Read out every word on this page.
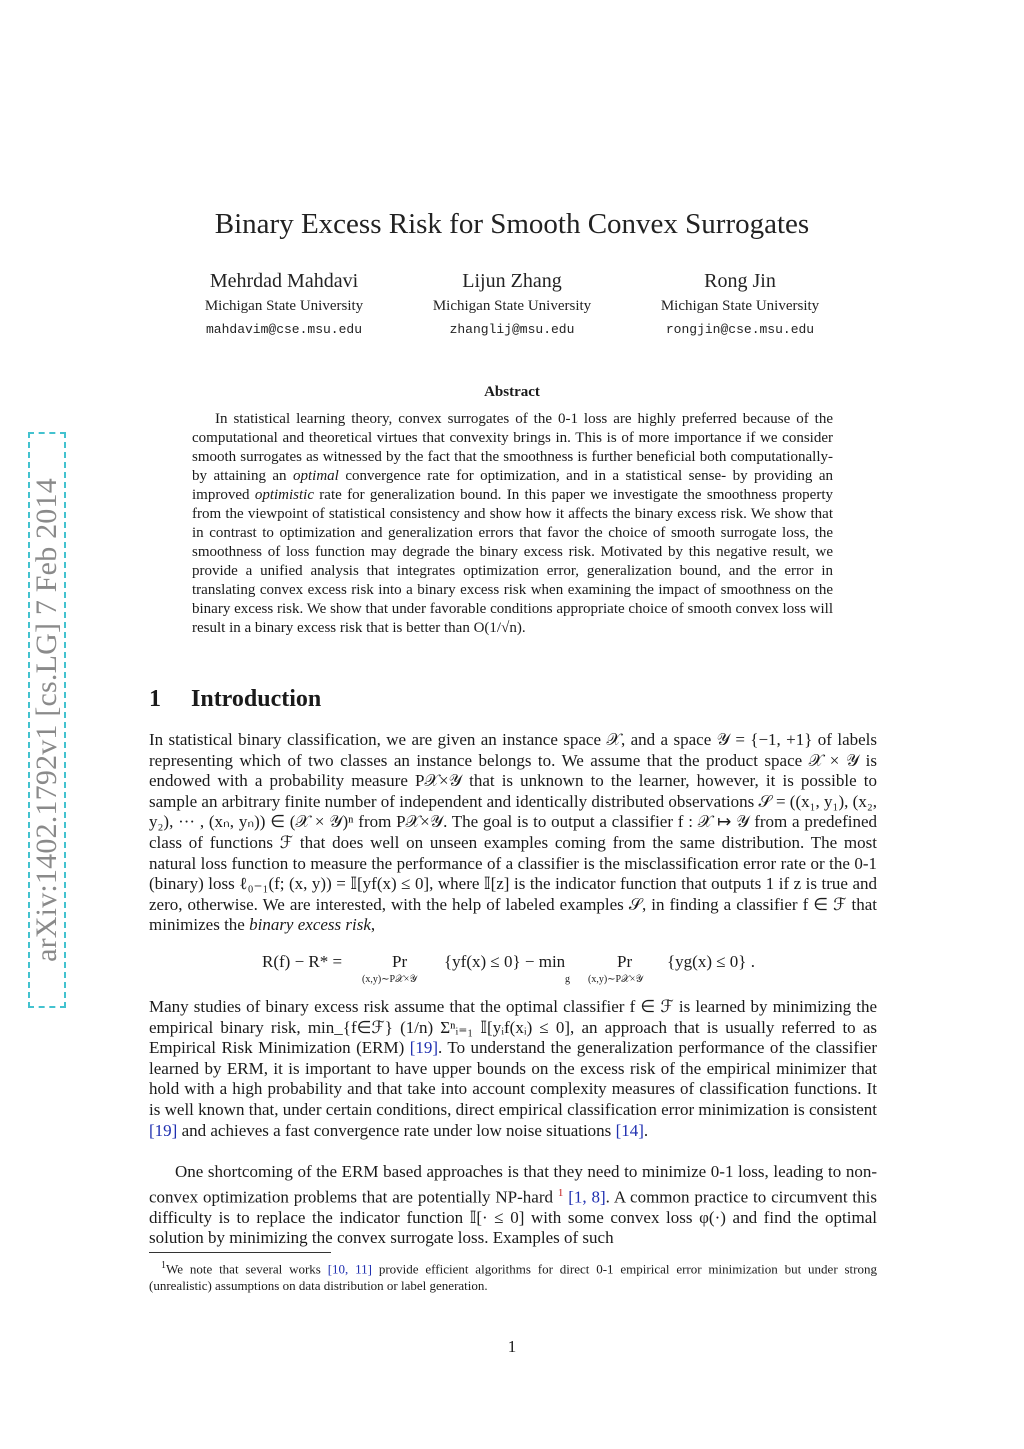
arXiv:1402.1792v1 [cs.LG] 7 Feb 2014
Binary Excess Risk for Smooth Convex Surrogates
Mehrdad Mahdavi
Michigan State University
mahdavim@cse.msu.edu
Lijun Zhang
Michigan State University
zhanglij@msu.edu
Rong Jin
Michigan State University
rongjin@cse.msu.edu
Abstract

In statistical learning theory, convex surrogates of the 0-1 loss are highly preferred because of the computational and theoretical virtues that convexity brings in. This is of more importance if we consider smooth surrogates as witnessed by the fact that the smoothness is further beneficial both computationally- by attaining an optimal convergence rate for optimization, and in a statistical sense- by providing an improved optimistic rate for generalization bound. In this paper we investigate the smoothness property from the viewpoint of statistical consistency and show how it affects the binary excess risk. We show that in contrast to optimization and generalization errors that favor the choice of smooth surrogate loss, the smoothness of loss function may degrade the binary excess risk. Motivated by this negative result, we provide a unified analysis that integrates optimization error, generalization bound, and the error in translating convex excess risk into a binary excess risk when examining the impact of smoothness on the binary excess risk. We show that under favorable conditions appropriate choice of smooth convex loss will result in a binary excess risk that is better than O(1/√n).

1 Introduction

In statistical binary classification, we are given an instance space 𝒳, and a space 𝒴 = {−1, +1} of labels representing which of two classes an instance belongs to. We assume that the product space 𝒳 × 𝒴 is endowed with a probability measure P𝒳×𝒴 that is unknown to the learner, however, it is possible to sample an arbitrary finite number of independent and identically distributed observations 𝒮 = ((x₁, y₁), (x₂, y₂), ··· , (xₙ, yₙ)) ∈ (𝒳 × 𝒴)ⁿ from P𝒳×𝒴. The goal is to output a classifier f : 𝒳 ↦ 𝒴 from a predefined class of functions ℱ that does well on unseen examples coming from the same distribution. The most natural loss function to measure the performance of a classifier is the misclassification error rate or the 0-1 (binary) loss ℓ₀₋₁(f; (x, y)) = 𝕀[yf(x) ≤ 0], where 𝕀[z] is the indicator function that outputs 1 if z is true and zero, otherwise. We are interested, with the help of labeled examples 𝒮, in finding a classifier f ∈ ℱ that minimizes the binary excess risk,

R(f) − R* =	Pr
(x,y)∼P𝒳×𝒴
{yf(x) ≤ 0} − min
g
Pr
(x,y)∼P𝒳×𝒴
{yg(x) ≤ 0} .

Many studies of binary excess risk assume that the optimal classifier f ∈ ℱ is learned by minimizing the empirical binary risk, min_{f∈ℱ} (1/n) Σⁿᵢ₌₁ 𝕀[yᵢf(xᵢ) ≤ 0], an approach that is usually referred to as Empirical Risk Minimization (ERM) [19]. To understand the generalization performance of the classifier learned by ERM, it is important to have upper bounds on the excess risk of the empirical minimizer that hold with a high probability and that take into account complexity measures of classification functions. It is well known that, under certain conditions, direct empirical classification error minimization is consistent [19] and achieves a fast convergence rate under low noise situations [14].

One shortcoming of the ERM based approaches is that they need to minimize 0-1 loss, leading to non-convex optimization problems that are potentially NP-hard $^1$ [1, 8]. A common practice to circumvent this difficulty is to replace the indicator function 𝕀[· ≤ 0] with some convex loss φ(·) and find the optimal solution by minimizing the convex surrogate loss. Examples of such

$^1$We note that several works [10, 11] provide efficient algorithms for direct 0-1 empirical error minimization but under strong (unrealistic) assumptions on data distribution or label generation.

1
